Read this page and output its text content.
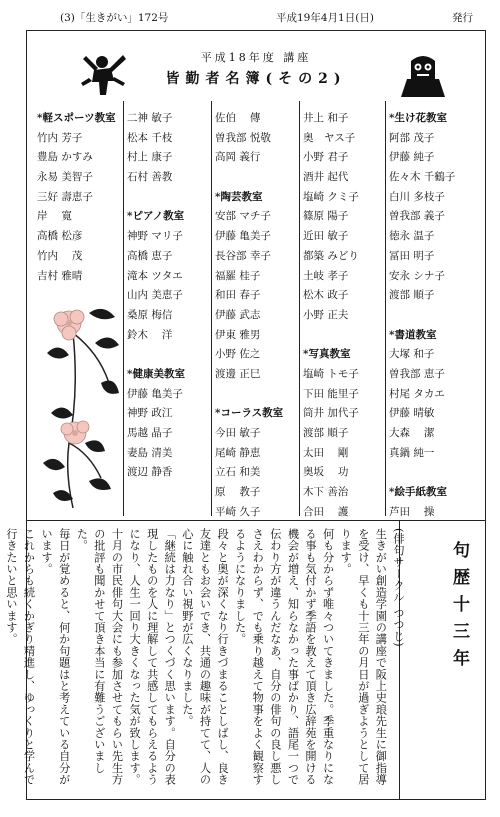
(3)「生きがい」172号	平成19年4月1日(日)	発行
平成18年度 講座
皆勤者名簿(その2)
*軽スポーツ教室
竹内 芳子
豊島 かすみ
永易 美智子
三好 壽恵子
岸　 寛
高橋 松彦
竹内　 茂
吉村 雅晴
二神 敏子
松本 千枝
村上 康子
石村 善教
*ピアノ教室
神野 マリ子
高橋 恵子
滝本 ツタエ
山内 美恵子
桑原 梅信
鈴木　 洋
*健康美教室
伊藤 亀美子
神野 政江
馬越 晶子
妻島 清美
渡辺 静香
佐伯　 傳
曽我部 悦敬
高岡 義行
*陶芸教室
安部 マチ子
伊藤 亀美子
長谷部 幸子
福羅 桂子
和田 春子
伊藤 武志
伊東 雅男
小野 佐之
渡邊 正巳
*コーラス教室
今田 敏子
尾崎 静恵
立石 和美
原　 教子
平崎 久子
井上 和子
奥　ヤス子
小野 君子
酒井 起代
塩崎 クミ子
篠原 陽子
近田 敏子
都築 みどり
土岐 孝子
松木 政子
小野 正夫
*写真教室
塩崎 トモ子
下田 能里子
筒井 加代子
渡部 順子
太田　 剛
奥坂　 功
木下 善治
合田　 護
*生け花教室
阿部 茂子
伊藤 純子
佐々木 千鶴子
白川 多枝子
曽我部 義子
徳永 温子
冨田 明子
安永 シナ子
渡部 順子
*書道教室
大塚 和子
曽我部 恵子
村尾 タカエ
伊藤 晴敏
大森　 潔
真鍋 純一
*絵手紙教室
芦田　 操
句歴十三年

(俳句サークル つつじ)

生きがい創造学園の講座で阪上史琅先生に御指導を受け、早くも十三年の月日が過ぎようとして居ります。

何も分からず唯々ついてきました。季重なりになる事も気付かず季語を教えて頂き広辞苑を開ける機会が増え、知らなかった事ばかり、語尾一つで伝わり方が違うんだなあ、自分の俳句の良し悪しさえわからず、でも乗り越えて物事をよく観察するようになりました。

段々と奥が深くなり行きづまることしばし、良き友達ともお会いでき、共通の趣味が持てて、人の心に触れ合い視野が広くなりました。

「継続は力なり」とつくづく思います。自分の表現したものを人に理解して共感してもらえるようになり、人生一回り大きくなった気が致します。

十月の市民俳句大会にも参加させてもらい先生方の批評も聞かせて頂き本当に有難うございました。

毎日が覚めると、何か句題はと考えている自分がいます。

これからも続くかぎり精進し、ゆっくりと学んで行きたいと思います。
